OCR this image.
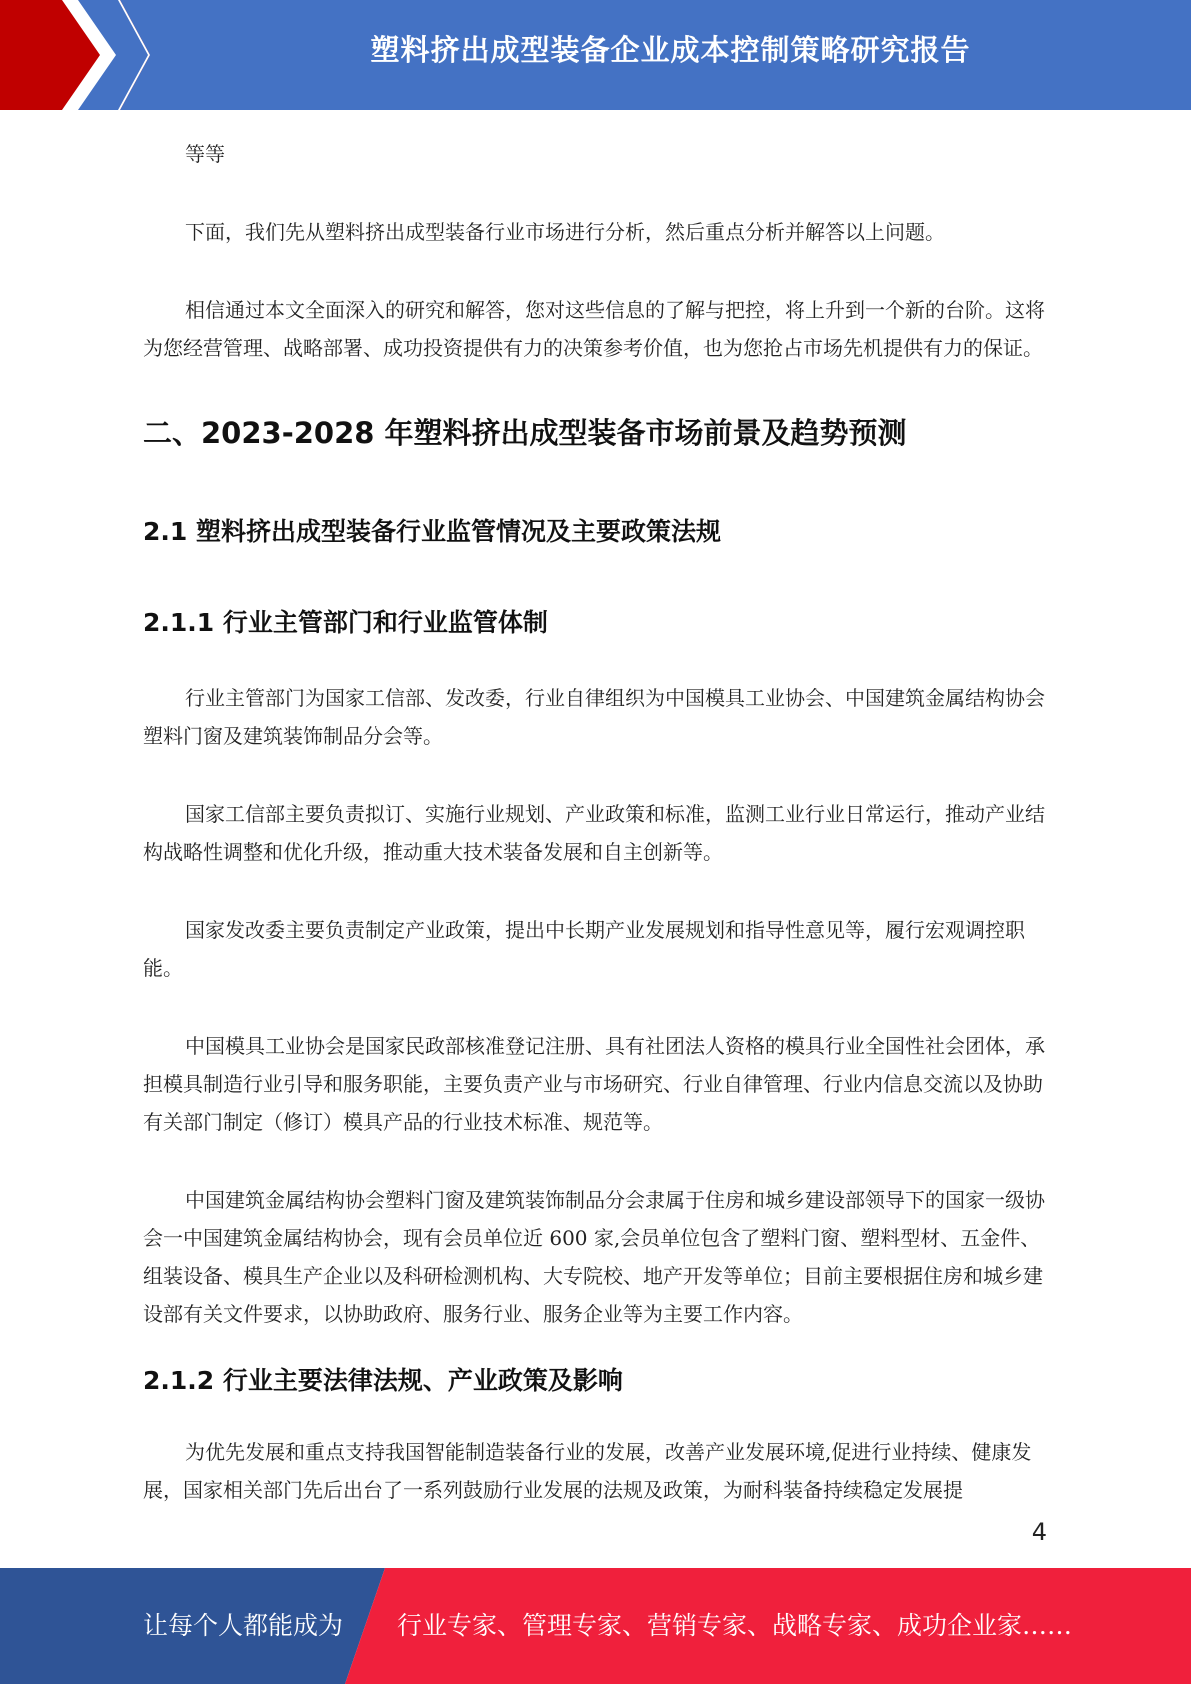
塑料挤出成型装备企业成本控制策略研究报告

等等

下面，我们先从塑料挤出成型装备行业市场进行分析，然后重点分析并解答以上问题。

相信通过本文全面深入的研究和解答，您对这些信息的了解与把控，将上升到一个新的台阶。这将为您经营管理、战略部署、成功投资提供有力的决策参考价值，也为您抢占市场先机提供有力的保证。

二、2023-2028 年塑料挤出成型装备市场前景及趋势预测
2.1 塑料挤出成型装备行业监管情况及主要政策法规
2.1.1 行业主管部门和行业监管体制

行业主管部门为国家工信部、发改委，行业自律组织为中国模具工业协会、中国建筑金属结构协会塑料门窗及建筑装饰制品分会等。

国家工信部主要负责拟订、实施行业规划、产业政策和标准，监测工业行业日常运行，推动产业结构战略性调整和优化升级，推动重大技术装备发展和自主创新等。

国家发改委主要负责制定产业政策，提出中长期产业发展规划和指导性意见等，履行宏观调控职能。

中国模具工业协会是国家民政部核准登记注册、具有社团法人资格的模具行业全国性社会团体，承担模具制造行业引导和服务职能，主要负责产业与市场研究、行业自律管理、行业内信息交流以及协助有关部门制定（修订）模具产品的行业技术标准、规范等。

中国建筑金属结构协会塑料门窗及建筑装饰制品分会隶属于住房和城乡建设部领导下的国家一级协会一中国建筑金属结构协会，现有会员单位近 600 家,会员单位包含了塑料门窗、塑料型材、五金件、组装设备、模具生产企业以及科研检测机构、大专院校、地产开发等单位；目前主要根据住房和城乡建设部有关文件要求，以协助政府、服务行业、服务企业等为主要工作内容。

2.1.2 行业主要法律法规、产业政策及影响

为优先发展和重点支持我国智能制造装备行业的发展，改善产业发展环境,促进行业持续、健康发展，国家相关部门先后出台了一系列鼓励行业发展的法规及政策，为耐科装备持续稳定发展提

4
让每个人都能成为 行业专家、管理专家、营销专家、战略专家、成功企业家……
